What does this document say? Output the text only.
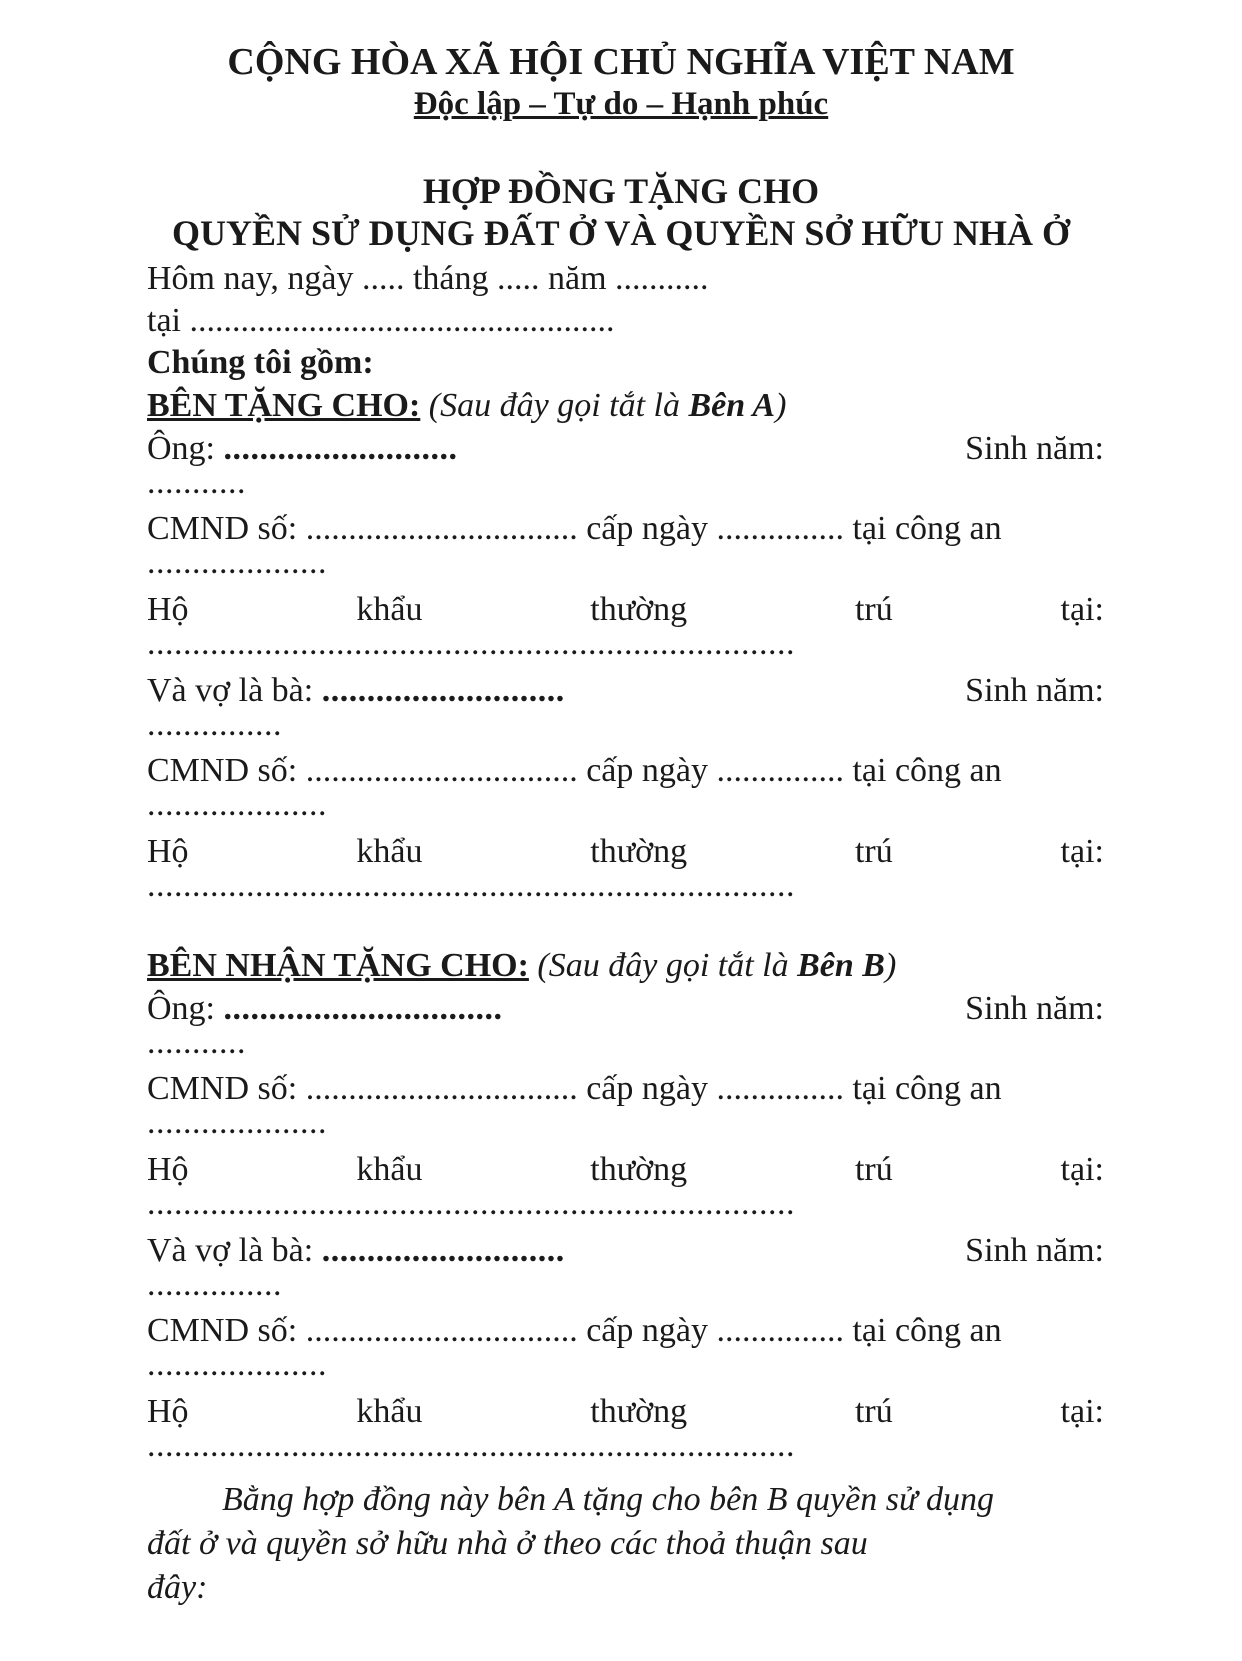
CỘNG HÒA XÃ HỘI CHỦ NGHĨA VIỆT NAM
Độc lập – Tự do – Hạnh phúc
HỢP ĐỒNG TẶNG CHO
QUYỀN SỬ DỤNG ĐẤT Ở VÀ QUYỀN SỞ HỮU NHÀ Ở
Hôm nay, ngày ..... tháng ..... năm ...........
tại ..................................................
Chúng tôi gồm:
BÊN TẶNG CHO: (Sau đây gọi tắt là Bên A)
Ông: ..........................	Sinh năm:
...........
CMND số: ................................ cấp ngày ............... tại công an
....................
Hộ	khẩu	thường	trú	tại:
........................................................................
Và vợ là bà: ...........................	Sinh năm:
...............
CMND số: ................................ cấp ngày ............... tại công an
....................
Hộ	khẩu	thường	trú	tại:
........................................................................
BÊN NHẬN TẶNG CHO: (Sau đây gọi tắt là Bên B)
Ông: ...............................	Sinh năm:
...........
CMND số: ................................ cấp ngày ............... tại công an
....................
Hộ	khẩu	thường	trú	tại:
........................................................................
Và vợ là bà: ...........................	Sinh năm:
...............
CMND số: ................................ cấp ngày ............... tại công an
....................
Hộ	khẩu	thường	trú	tại:
........................................................................
Bằng hợp đồng này bên A tặng cho bên B quyền sử dụng
đất ở và quyền sở hữu nhà ở theo các thoả thuận sau
đây:
